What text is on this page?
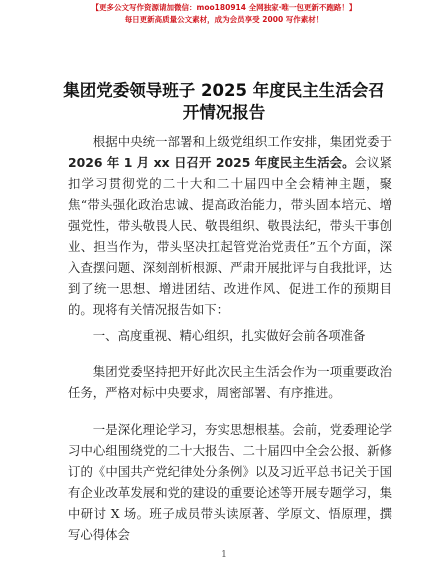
【更多公文写作资源请加微信：moo180914 全网独家·唯一包更新不跑路！】
每日更新高质量公文素材，成为会员享受 2000 写作素材！
集团党委领导班子 2025 年度民主生活会召开情况报告
根据中央统一部署和上级党组织工作安排，集团党委于2026 年 1 月 xx 日召开 2025 年度民主生活会。会议紧扣学习贯彻党的二十大和二十届四中全会精神主题，聚焦“带头强化政治忠诚、提高政治能力，带头固本培元、增强党性，带头敬畏人民、敬畏组织、敬畏法纪，带头干事创业、担当作为，带头坚决扛起管党治党责任”五个方面，深入查摆问题、深刻剖析根源、严肃开展批评与自我批评，达到了统一思想、增进团结、改进作风、促进工作的预期目的。现将有关情况报告如下：
一、高度重视、精心组织，扎实做好会前各项准备
集团党委坚持把开好此次民主生活会作为一项重要政治任务，严格对标中央要求，周密部署、有序推进。
一是深化理论学习，夯实思想根基。会前，党委理论学习中心组围绕党的二十大报告、二十届四中全会公报、新修订的《中国共产党纪律处分条例》以及习近平总书记关于国有企业改革发展和党的建设的重要论述等开展专题学习，集中研讨 X 场。班子成员带头读原著、学原文、悟原理，撰写心得体会
1
